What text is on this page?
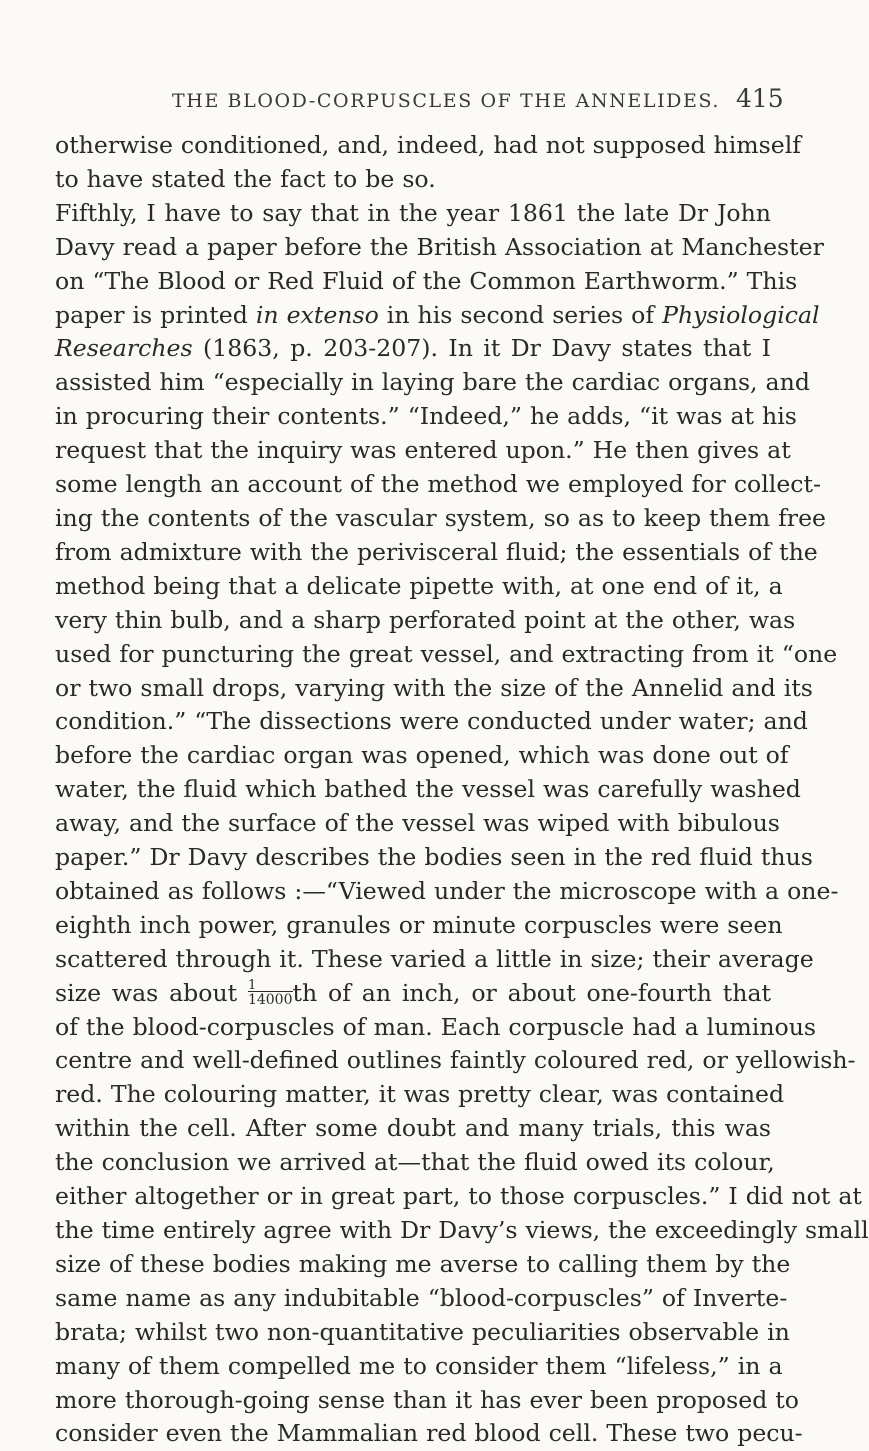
THE BLOOD-CORPUSCLES OF THE ANNELIDES. 415
otherwise conditioned, and, indeed, had not supposed himself
to have stated the fact to be so.
Fifthly, I have to say that in the year 1861 the late Dr John
Davy read a paper before the British Association at Manchester
on “The Blood or Red Fluid of the Common Earthworm.” This
paper is printed in extenso in his second series of Physiological
Researches (1863, p. 203-207). In it Dr Davy states that I
assisted him “especially in laying bare the cardiac organs, and
in procuring their contents.” “Indeed,” he adds, “it was at his
request that the inquiry was entered upon.” He then gives at
some length an account of the method we employed for collect-
ing the contents of the vascular system, so as to keep them free
from admixture with the perivisceral fluid; the essentials of the
method being that a delicate pipette with, at one end of it, a
very thin bulb, and a sharp perforated point at the other, was
used for puncturing the great vessel, and extracting from it “one
or two small drops, varying with the size of the Annelid and its
condition.” “The dissections were conducted under water; and
before the cardiac organ was opened, which was done out of
water, the fluid which bathed the vessel was carefully washed
away, and the surface of the vessel was wiped with bibulous
paper.” Dr Davy describes the bodies seen in the red fluid thus
obtained as follows :—“Viewed under the microscope with a one-
eighth inch power, granules or minute corpuscles were seen
scattered through it. These varied a little in size; their average
size was about $\frac{1}{14000}$ th of an inch, or about one-fourth that
of the blood-corpuscles of man. Each corpuscle had a luminous
centre and well-defined outlines faintly coloured red, or yellowish-
red. The colouring matter, it was pretty clear, was contained
within the cell. After some doubt and many trials, this was
the conclusion we arrived at—that the fluid owed its colour,
either altogether or in great part, to those corpuscles.” I did not at
the time entirely agree with Dr Davy’s views, the exceedingly small
size of these bodies making me averse to calling them by the
same name as any indubitable “blood-corpuscles” of Inverte-
brata; whilst two non-quantitative peculiarities observable in
many of them compelled me to consider them “lifeless,” in a
more thorough-going sense than it has ever been proposed to
consider even the Mammalian red blood cell. These two pecu-
